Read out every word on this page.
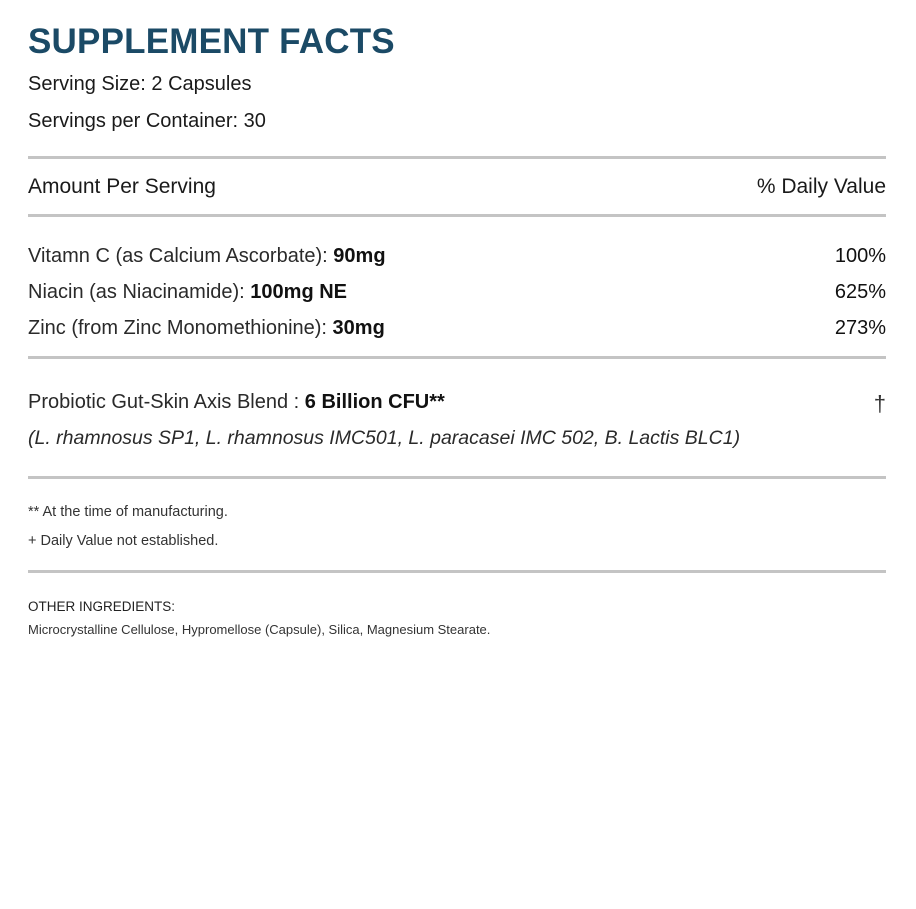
SUPPLEMENT FACTS
Serving Size: 2 Capsules
Servings per Container: 30
Amount Per Serving	% Daily Value
Vitamn C (as Calcium Ascorbate): 90mg	100%
Niacin (as Niacinamide): 100mg NE	625%
Zinc (from Zinc Monomethionine): 30mg	273%
Probiotic Gut-Skin Axis Blend : 6 Billion CFU**	†
(L. rhamnosus SP1, L. rhamnosus IMC501, L. paracasei IMC 502, B. Lactis BLC1)
** At the time of manufacturing.
+ Daily Value not established.
OTHER INGREDIENTS:
Microcrystalline Cellulose, Hypromellose (Capsule), Silica, Magnesium Stearate.
